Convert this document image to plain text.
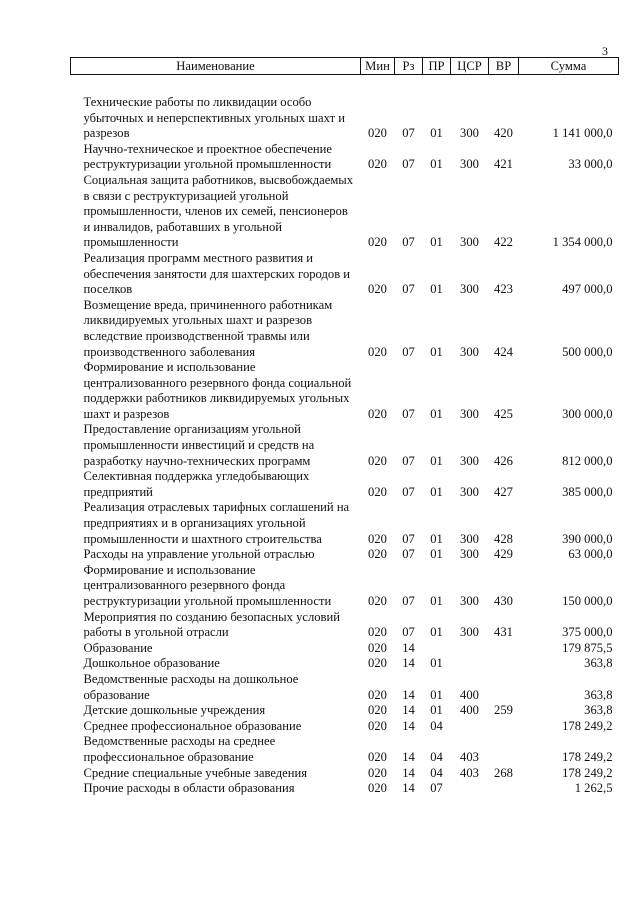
3
Наименование	Мин	Рз	ПР	ЦСР	ВР	Сумма

Технические работы по ликвидации особо убыточных и неперспективных угольных шахт и разрезов	020	07	01	300	420	1 141 000,0
Научно-техническое и проектное обеспечение реструктуризации угольной промышленности	020	07	01	300	421	33 000,0
Социальная защита работников, высвобождаемых в связи с реструктуризацией угольной промышленности, членов их семей, пенсионеров и инвалидов, работавших в угольной промышленности	020	07	01	300	422	1 354 000,0
Реализация программ местного развития и обеспечения занятости для шахтерских городов и поселков	020	07	01	300	423	497 000,0
Возмещение вреда, причиненного работникам ликвидируемых угольных шахт и разрезов вследствие производственной травмы или производственного заболевания	020	07	01	300	424	500 000,0
Формирование и использование централизованного резервного фонда социальной поддержки работников ликвидируемых угольных шахт и разрезов	020	07	01	300	425	300 000,0
Предоставление организациям угольной промышленности инвестиций и средств на разработку научно-технических программ	020	07	01	300	426	812 000,0
Селективная поддержка угледобывающих предприятий	020	07	01	300	427	385 000,0
Реализация отраслевых тарифных соглашений на предприятиях и в организациях угольной промышленности и шахтного строительства	020	07	01	300	428	390 000,0
Расходы на управление угольной отраслью	020	07	01	300	429	63 000,0
Формирование и использование централизованного резервного фонда реструктуризации угольной промышленности	020	07	01	300	430	150 000,0
Мероприятия по созданию безопасных условий работы в угольной отрасли	020	07	01	300	431	375 000,0
Образование	020	14				179 875,5
Дошкольное образование	020	14	01			363,8
Ведомственные расходы на дошкольное образование	020	14	01	400		363,8
Детские дошкольные учреждения	020	14	01	400	259	363,8
Среднее профессиональное образование	020	14	04			178 249,2
Ведомственные расходы на среднее профессиональное образование	020	14	04	403		178 249,2
Средние специальные учебные заведения	020	14	04	403	268	178 249,2
Прочие расходы в области образования	020	14	07			1 262,5
